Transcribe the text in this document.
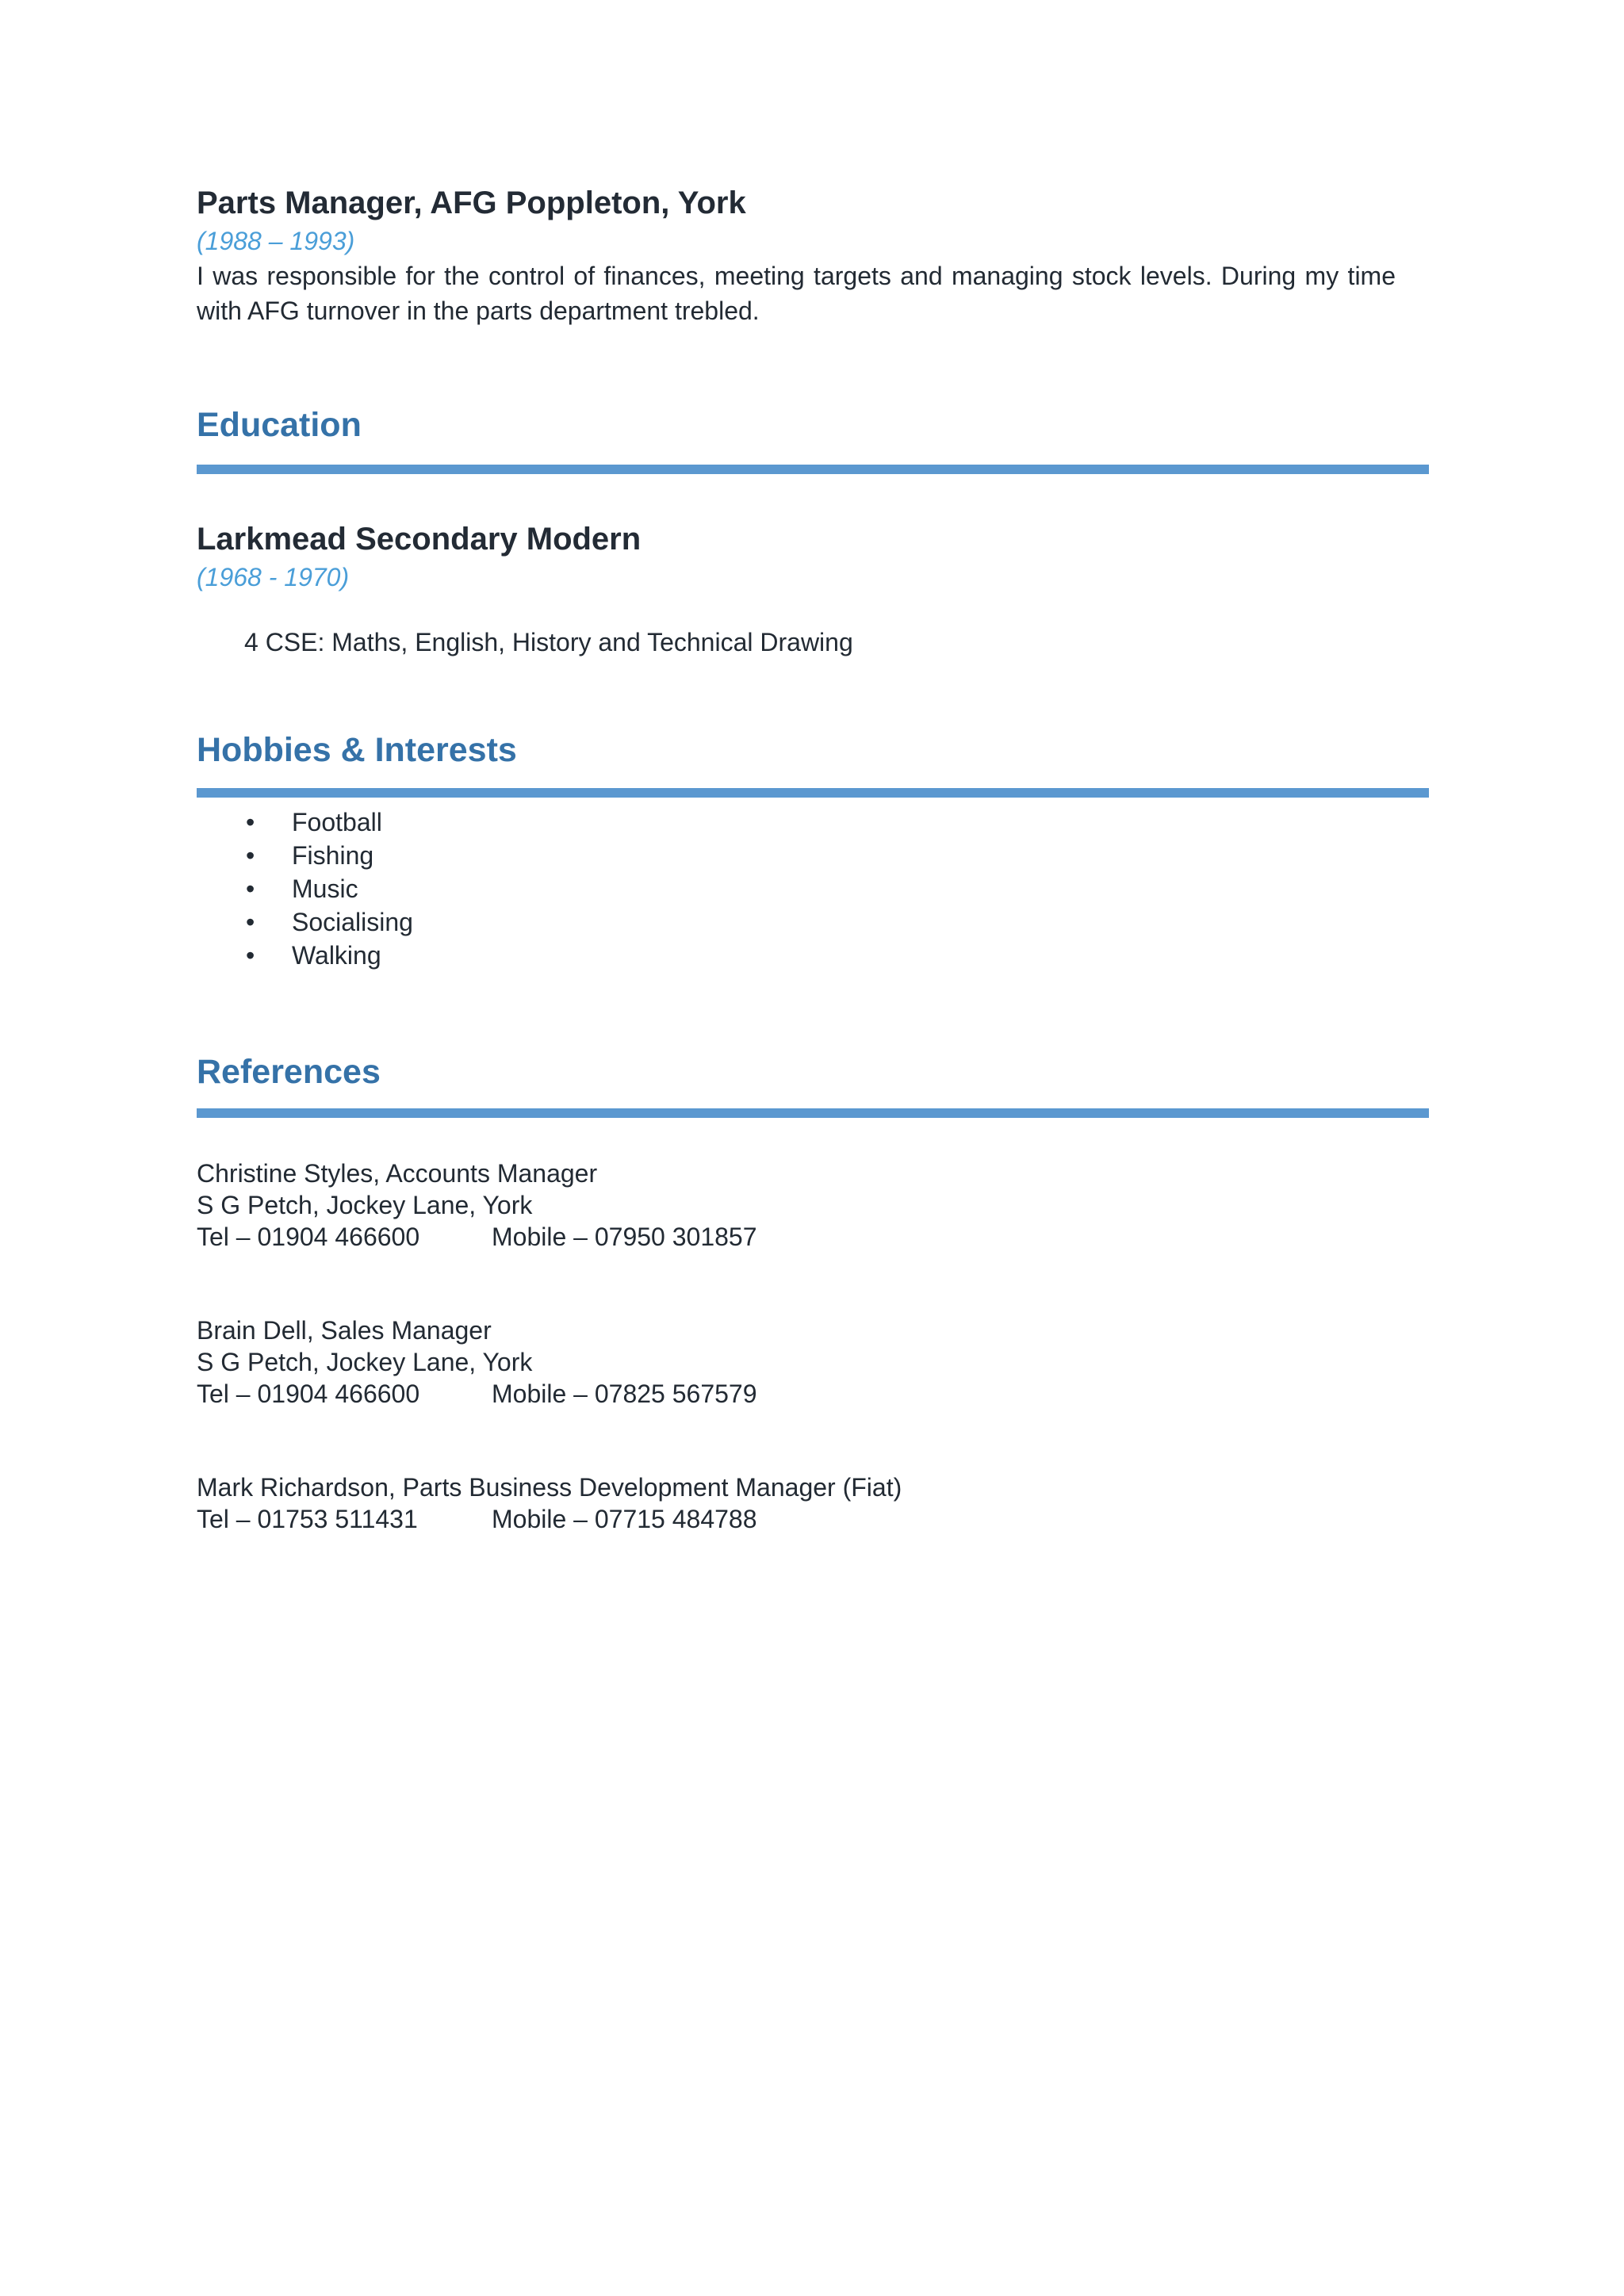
Parts Manager, AFG Poppleton, York

(1988 – 1993)

I was responsible for the control of finances, meeting targets and managing stock levels. During my time with AFG turnover in the parts department trebled.

Education
Larkmead Secondary Modern

(1968 - 1970)

4 CSE: Maths, English, History and Technical Drawing

Hobbies & Interests
• Football
• Fishing
• Music
• Socialising
• Walking
References

Christine Styles, Accounts Manager

S G Petch, Jockey Lane, York

Tel – 01904 466600	Mobile – 07950 301857

Brain Dell, Sales Manager

S G Petch, Jockey Lane, York

Tel – 01904 466600	Mobile – 07825 567579

Mark Richardson, Parts Business Development Manager (Fiat)

Tel – 01753 511431	Mobile – 07715 484788
